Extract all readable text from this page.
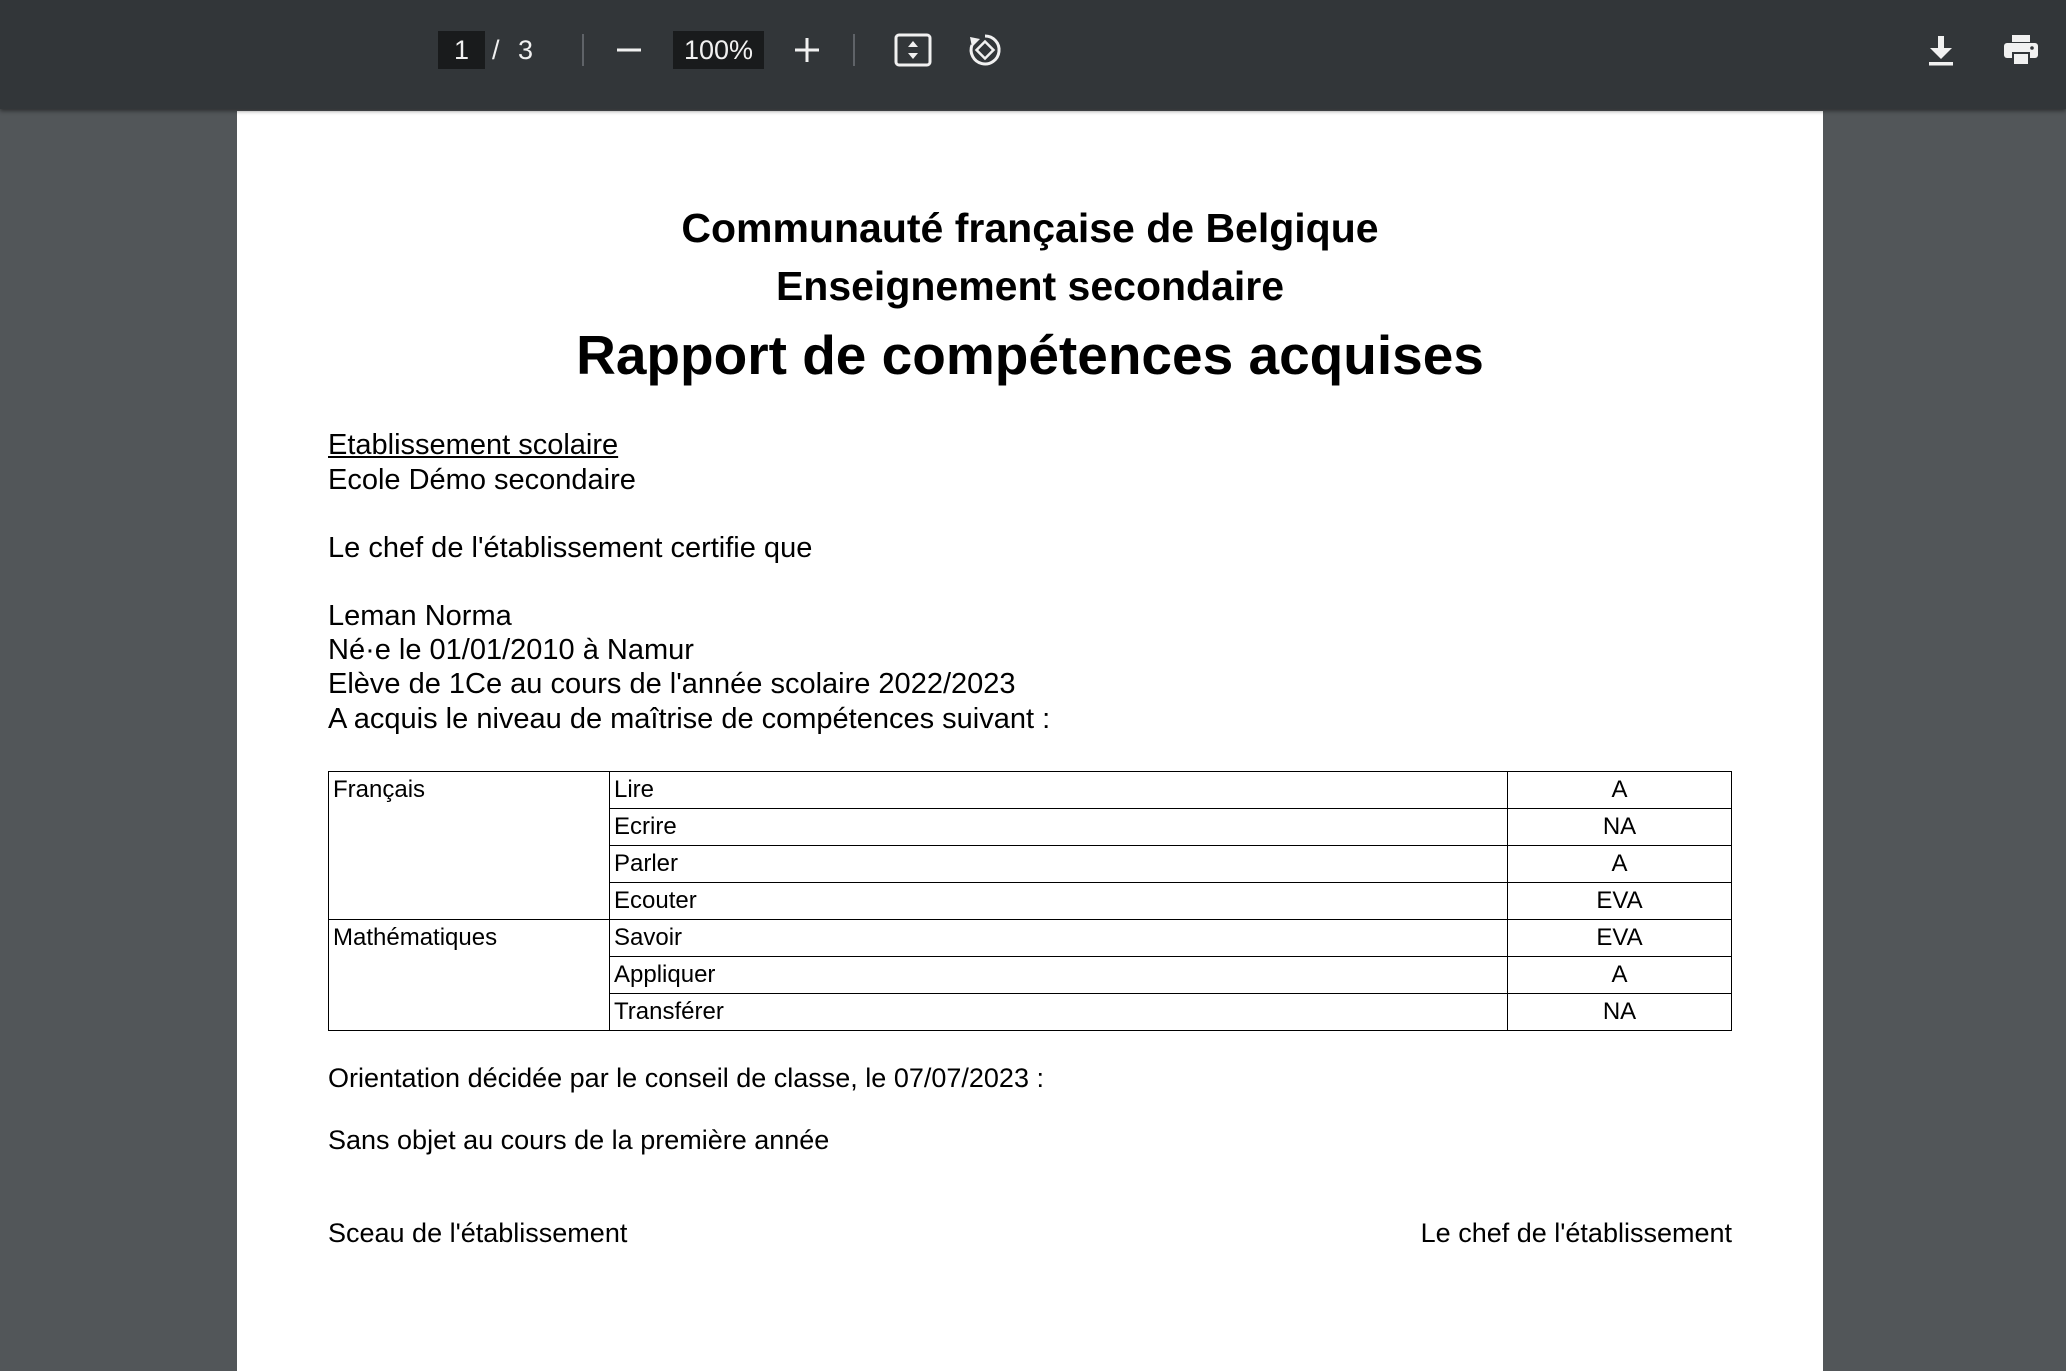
1 / 3	100%
Communauté française de Belgique
Enseignement secondaire
Rapport de compétences acquises
Etablissement scolaire
Ecole Démo secondaire
Le chef de l'établissement certifie que
Leman Norma
Né·e le 01/01/2010 à Namur
Elève de 1Ce au cours de l'année scolaire 2022/2023
A acquis le niveau de maîtrise de compétences suivant :
Français	Lire	A
	Ecrire	NA
	Parler	A
	Ecouter	EVA
Mathématiques	Savoir	EVA
	Appliquer	A
	Transférer	NA
Orientation décidée par le conseil de classe, le 07/07/2023 :
Sans objet au cours de la première année
Sceau de l'établissement	Le chef de l'établissement
